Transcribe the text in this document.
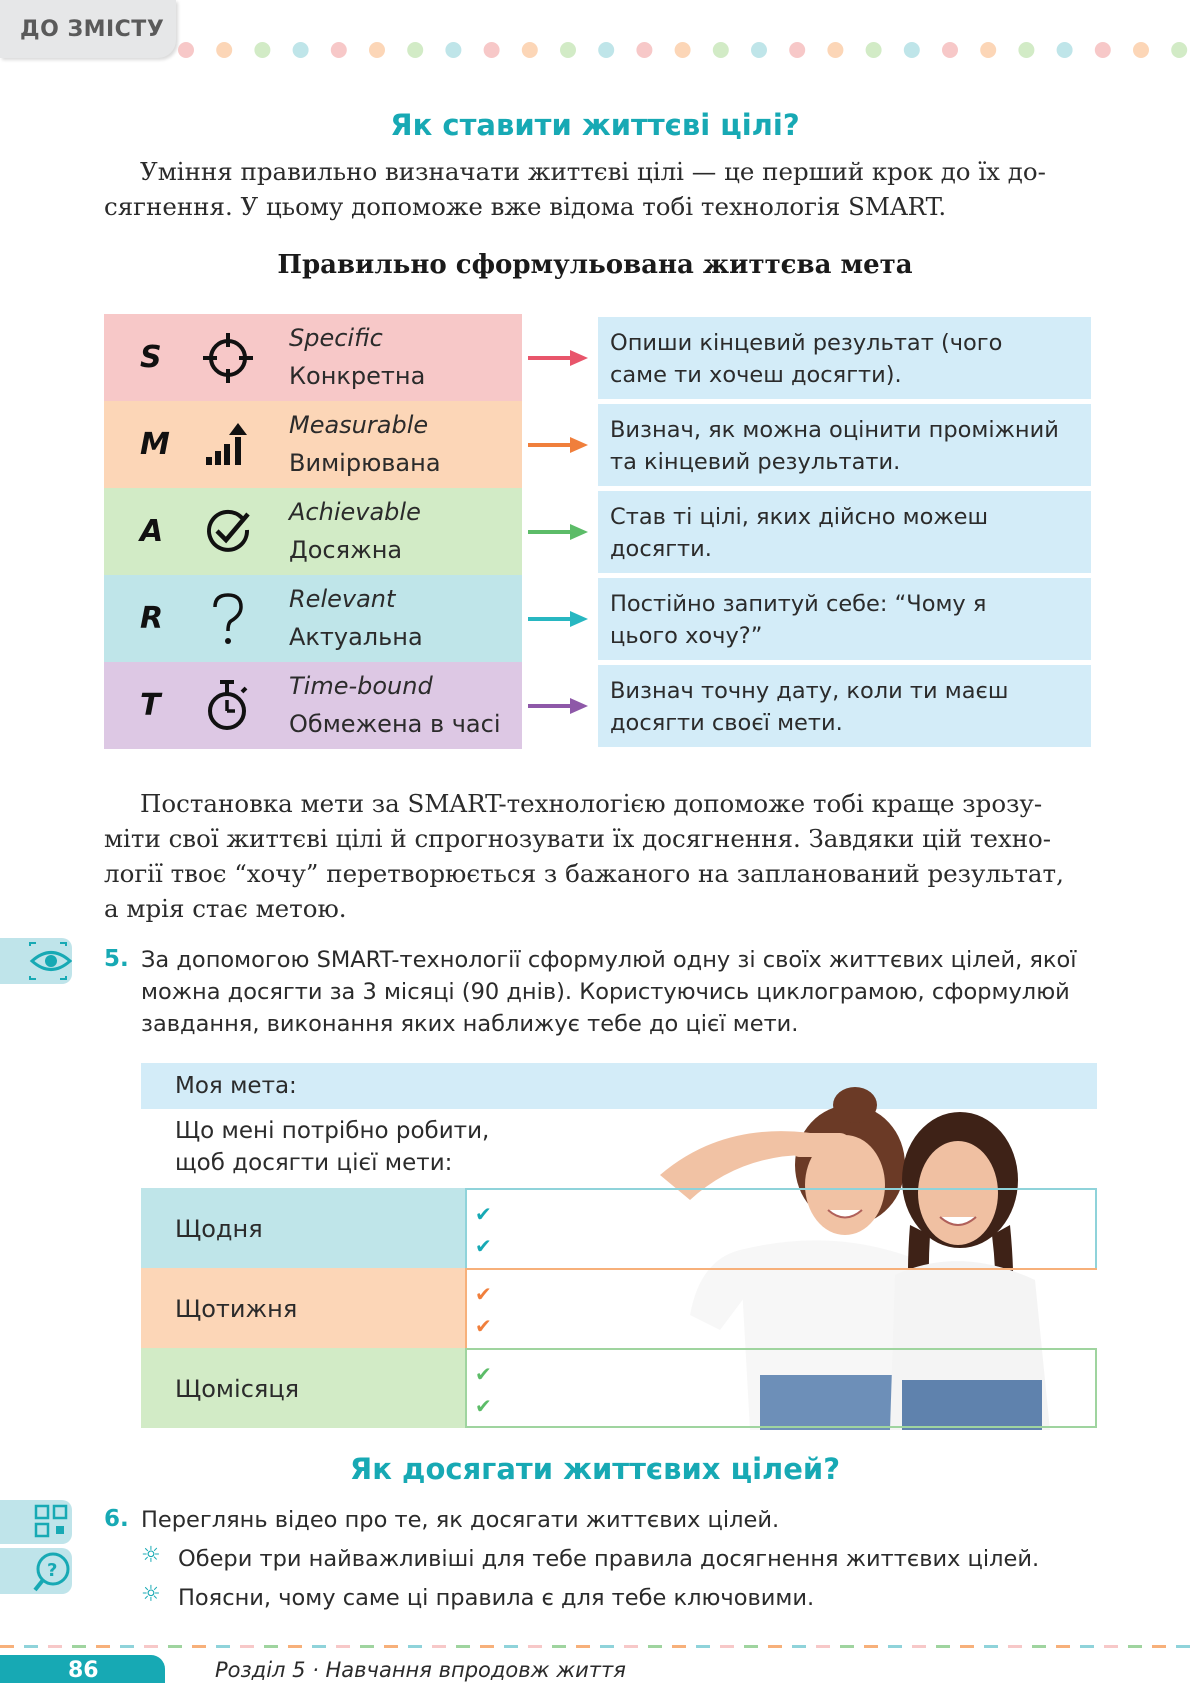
ДО ЗМІСТУ
Як ставити життєві цілі?
Уміння правильно визначати життєві цілі — це перший крок до їх до-
сягнення. У цьому допоможе вже відома тобі технологія SMART.
Правильно сформульована життєва мета
S
Specific
Конкретна
Опиши кінцевий результат (чого
саме ти хочеш досягти).
M
Measurable
Вимірювана
Визнач, як можна оцінити проміжний
та кінцевий результати.
A
Achievable
Досяжна
Став ті цілі, яких дійсно можеш
досягти.
R
Relevant
Актуальна
Постійно запитуй себе: “Чому я
цього хочу?”
T
Time-bound
Обмежена в часі
Визнач точну дату, коли ти маєш
досягти своєї мети.
Постановка мети за SMART-технологією допоможе тобі краще зрозу-
міти свої життєві цілі й спрогнозувати їх досягнення. Завдяки цій техно-
логії твоє “хочу” перетворюється з бажаного на запланований результат,
а мрія стає метою.
5. За допомогою SMART-технології сформулюй одну зі своїх життєвих цілей, якої
можна досягти за 3 місяці (90 днів). Користуючись циклограмою, сформулюй
завдання, виконання яких наближує тебе до цієї мети.
Моя мета:
Що мені потрібно робити,
щоб досягти цієї мети:
Щодня
✔
✔
Щотижня
✔
✔
Щомісяця
✔
✔
Як досягати життєвих цілей?
?
6. Переглянь відео про те, як досягати життєвих цілей.
☼ Обери три найважливіші для тебе правила досягнення життєвих цілей.
☼ Поясни, чому саме ці правила є для тебе ключовими.
86	Розділ 5 · Навчання впродовж життя
